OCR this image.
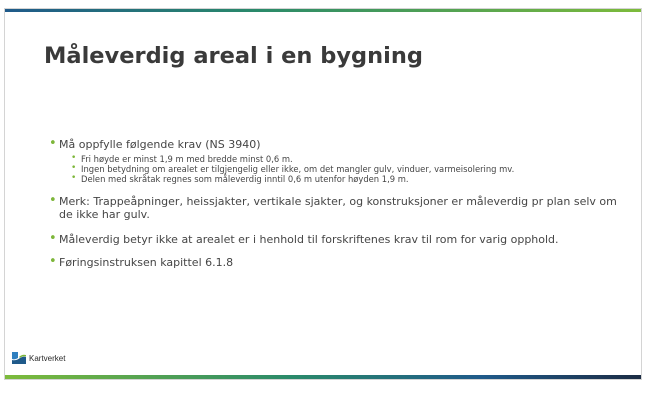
Måleverdig areal i en bygning
• Må oppfylle følgende krav (NS 3940)
• Fri høyde er minst 1,9 m med bredde minst 0,6 m.
• Ingen betydning om arealet er tilgjengelig eller ikke, om det mangler gulv, vinduer, varmeisolering mv.
• Delen med skråtak regnes som måleverdig inntil 0,6 m utenfor høyden 1,9 m.
• Merk: Trappeåpninger, heissjakter, vertikale sjakter, og konstruksjoner er måleverdig pr plan selv om de ikke har gulv.
• Måleverdig betyr ikke at arealet er i henhold til forskriftenes krav til rom for varig opphold.
• Føringsinstruksen kapittel 6.1.8
Kartverket
